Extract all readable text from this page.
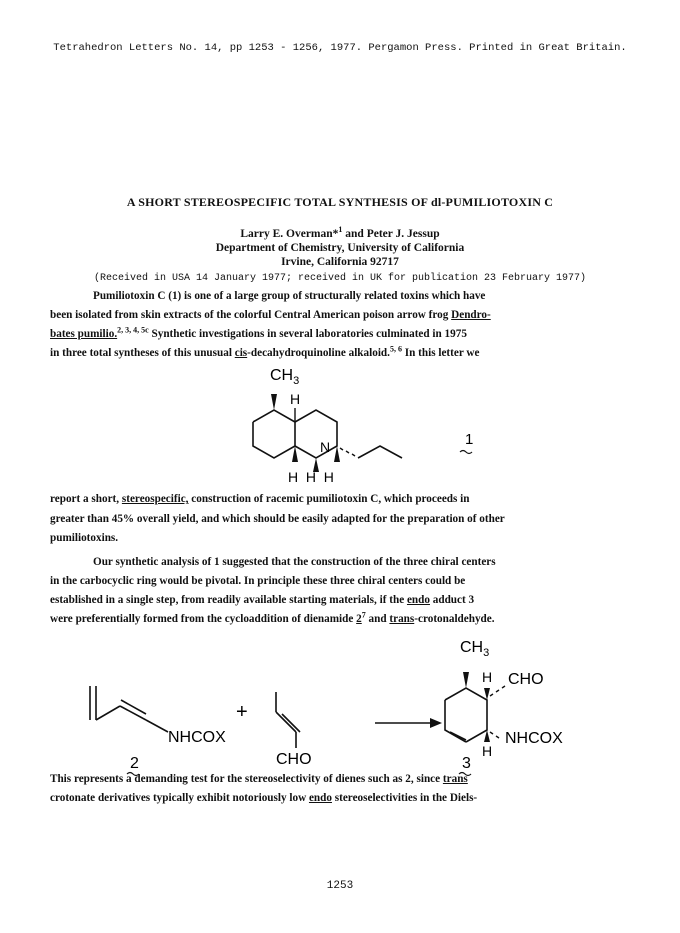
Tetrahedron Letters No. 14, pp 1253 - 1256, 1977. Pergamon Press. Printed in Great Britain.
A SHORT STEREOSPECIFIC TOTAL SYNTHESIS OF dl-PUMILIOTOXIN C
Larry E. Overman*$^1$ and Peter J. Jessup
Department of Chemistry, University of California
Irvine, California 92717
(Received in USA 14 January 1977; received in UK for publication 23 February 1977)
Pumiliotoxin C (1) is one of a large group of structurally related toxins which have
been isolated from skin extracts of the colorful Central American poison arrow frog Dendro-
bates pumilio.$^{2, 3, 4, 5c}$ Synthetic investigations in several laboratories culminated in 1975
in three total syntheses of this unusual cis-decahydroquinoline alkaloid.$^{5, 6}$ In this letter we
$CH_3$
H
N
H  H  H
1
report a short, stereospecific, construction of racemic pumiliotoxin C, which proceeds in
greater than 45% overall yield, and which should be easily adapted for the preparation of other
pumiliotoxins.
Our synthetic analysis of 1 suggested that the construction of the three chiral centers
in the carbocyclic ring would be pivotal. In principle these three chiral centers could be
established in a single step, from readily available starting materials, if the endo adduct 3
were preferentially formed from the cycloaddition of dienamide $2^7$ and trans-crotonaldehyde.
NHCOX
2
+
CHO
$CH_3$
H CHO
NHCOX
H
3
This represents a demanding test for the stereoselectivity of dienes such as 2, since trans
crotonate derivatives typically exhibit notoriously low endo stereoselectivities in the Diels-
1253
